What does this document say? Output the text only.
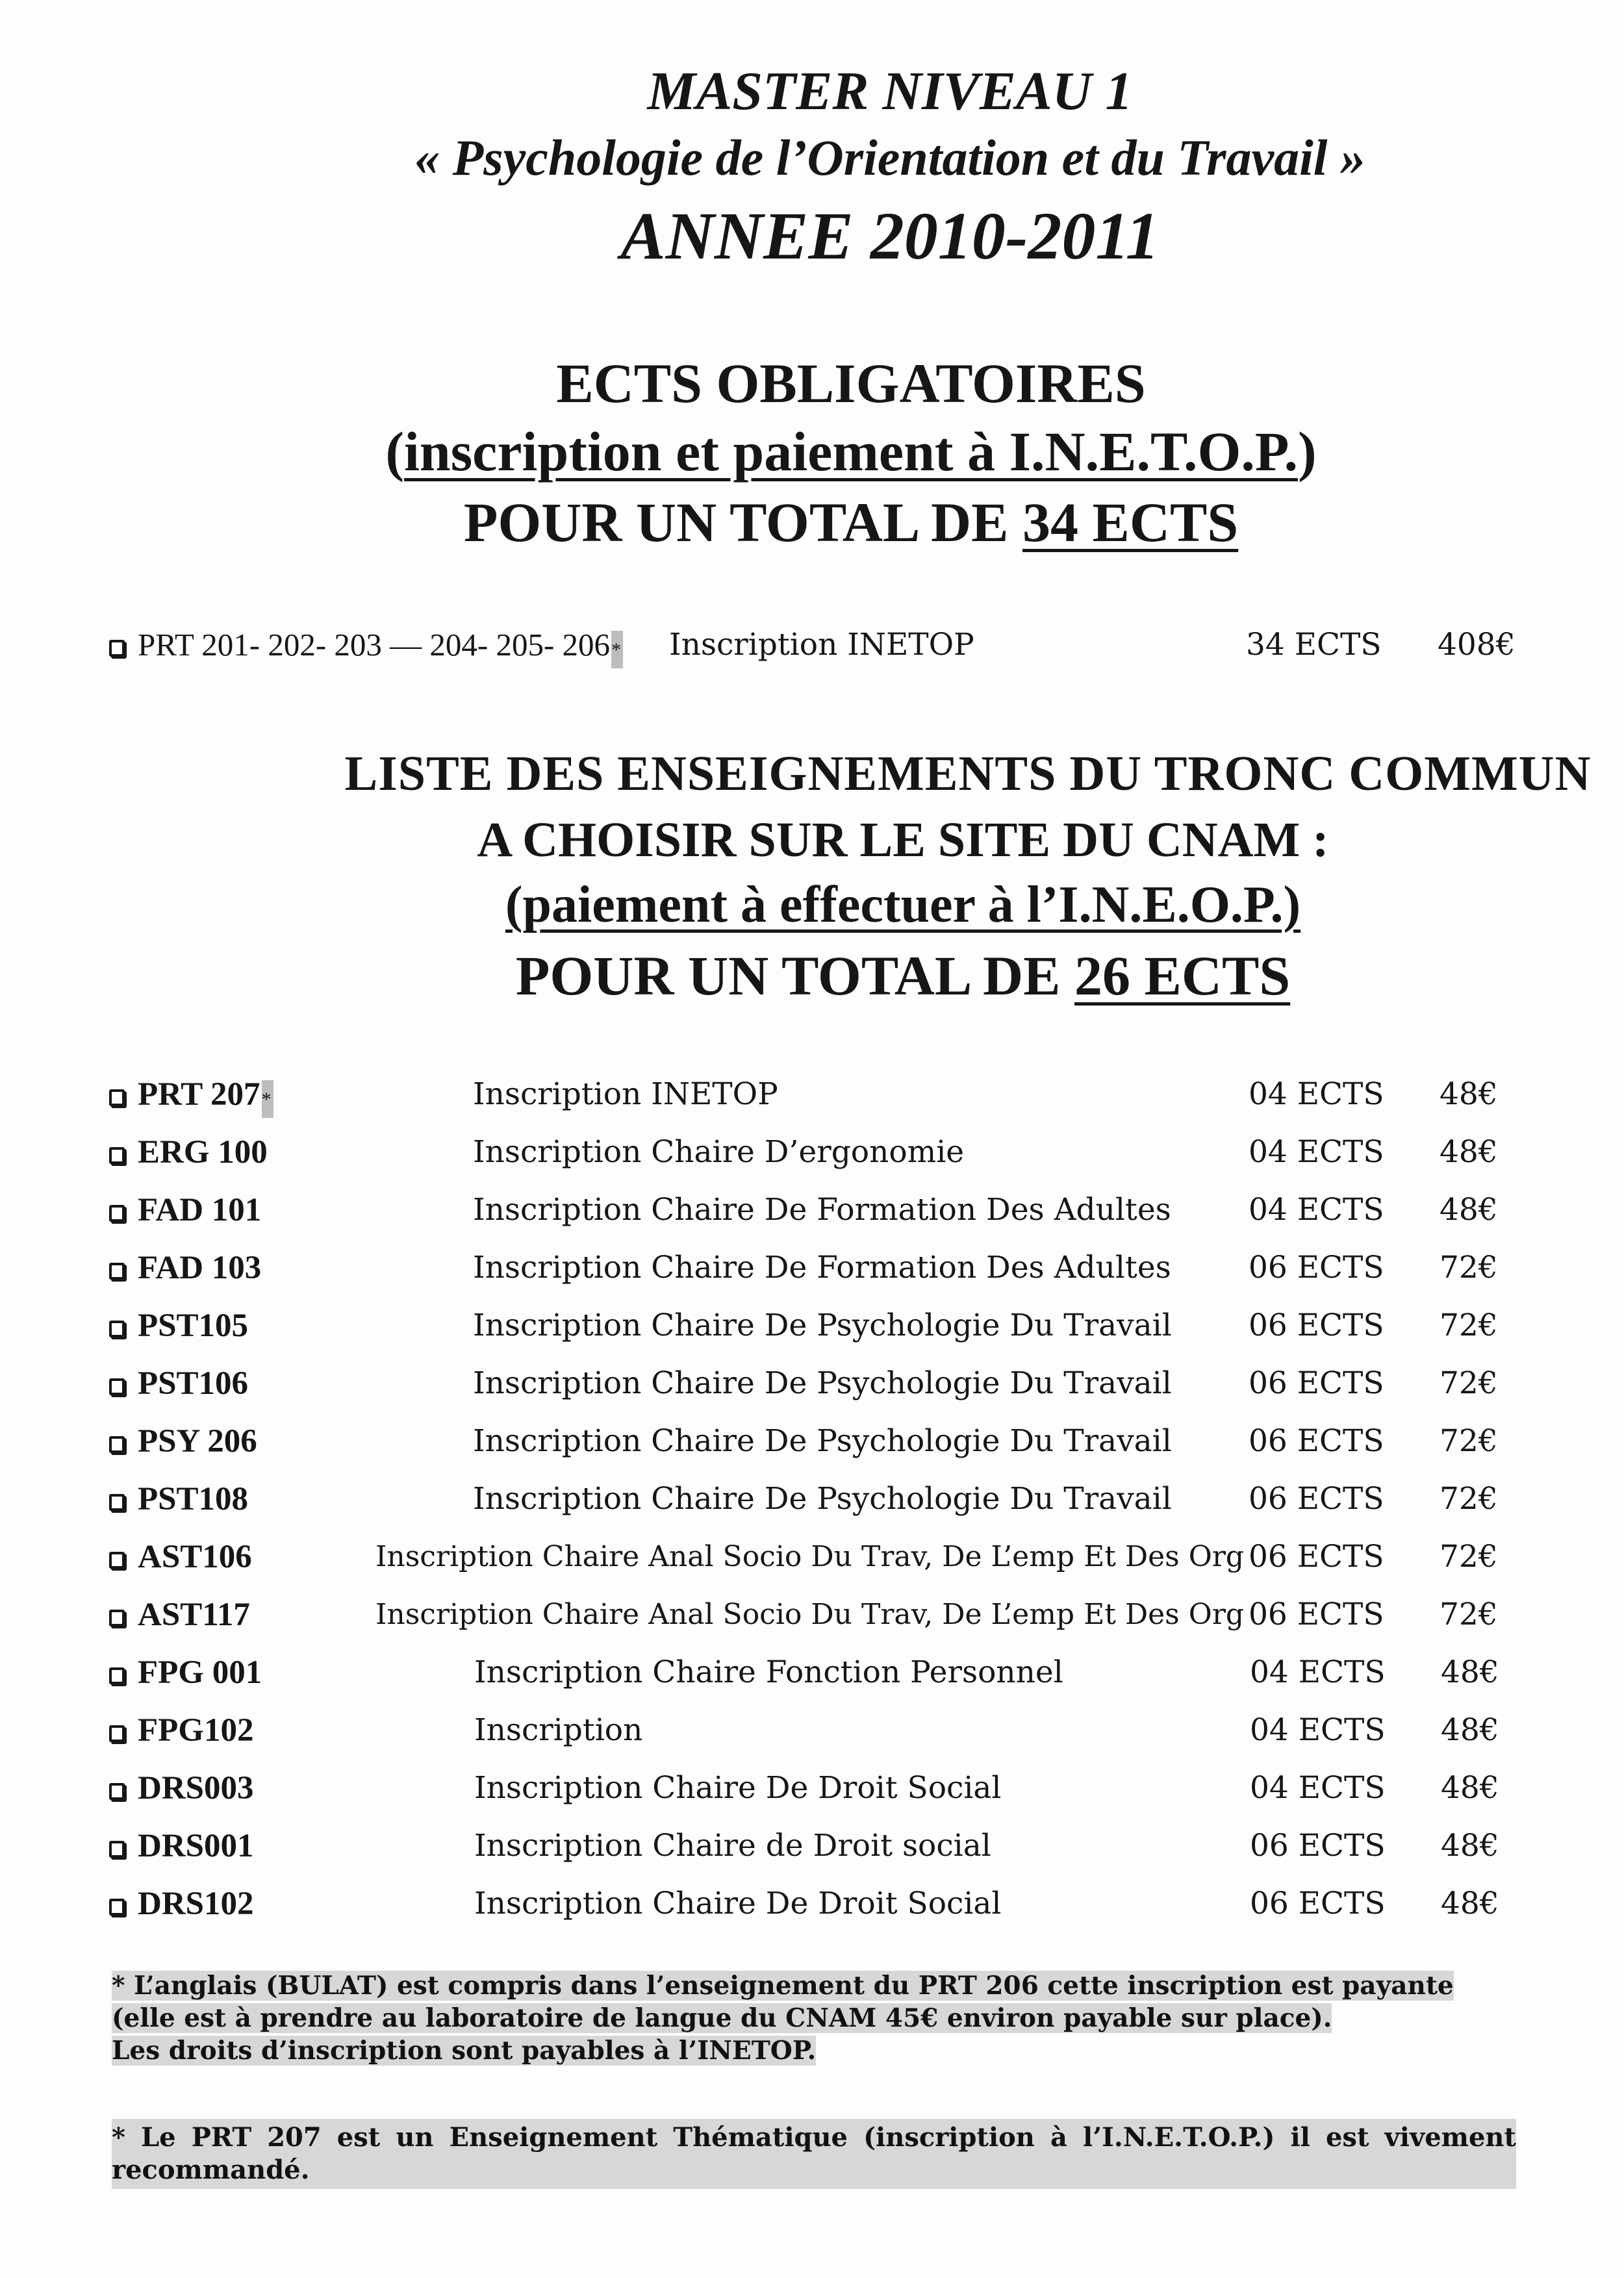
MASTER NIVEAU 1
« Psychologie de l’Orientation et du Travail »
ANNEE 2010-2011
ECTS OBLIGATOIRES
(inscription et paiement à I.N.E.T.O.P.)
POUR UN TOTAL DE 34 ECTS
PRT 201- 202- 203 — 204- 205- 206* Inscription INETOP	34 ECTS 408€
LISTE DES ENSEIGNEMENTS DU TRONC COMMUN
A CHOISIR SUR LE SITE DU CNAM :
(paiement à effectuer à l’I.N.E.O.P.)
POUR UN TOTAL DE 26 ECTS
PRT 207*	Inscription INETOP	04 ECTS 48€
ERG 100	Inscription Chaire D’ergonomie	04 ECTS 48€
FAD 101	Inscription Chaire De Formation Des Adultes	04 ECTS 48€
FAD 103	Inscription Chaire De Formation Des Adultes	06 ECTS 72€
PST105	Inscription Chaire De Psychologie Du Travail	06 ECTS 72€
PST106	Inscription Chaire De Psychologie Du Travail	06 ECTS 72€
PSY 206	Inscription Chaire De Psychologie Du Travail	06 ECTS 72€
PST108	Inscription Chaire De Psychologie Du Travail	06 ECTS 72€
AST106	Inscription Chaire Anal Socio Du Trav, De L’emp Et Des Org 06 ECTS 72€
AST117	Inscription Chaire Anal Socio Du Trav, De L’emp Et Des Org 06 ECTS 72€
FPG 001	Inscription Chaire Fonction Personnel	04 ECTS 48€
FPG102	Inscription	04 ECTS 48€
DRS003	Inscription Chaire De Droit Social	04 ECTS 48€
DRS001	Inscription Chaire de Droit social	06 ECTS 48€
DRS102	Inscription Chaire De Droit Social	06 ECTS 48€
* L’anglais (BULAT) est compris dans l’enseignement du PRT 206 cette inscription est payante
(elle est à prendre au laboratoire de langue du CNAM 45€ environ payable sur place).
Les droits d’inscription sont payables à l’INETOP.
* Le PRT 207 est un Enseignement Thématique (inscription à l’I.N.E.T.O.P.) il est vivement
recommandé.
